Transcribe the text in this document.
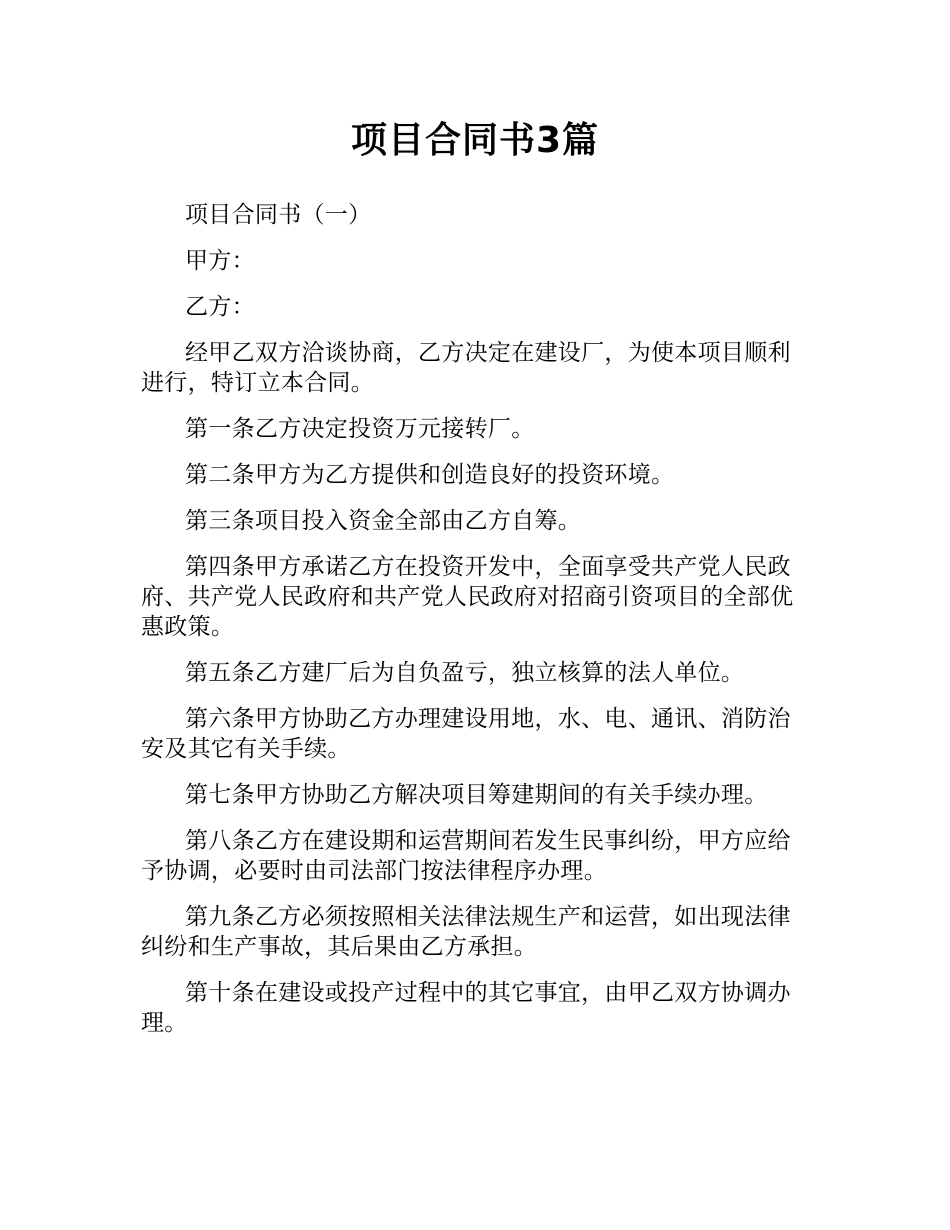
项目合同书3篇

项目合同书（一）

甲方：

乙方：

经甲乙双方洽谈协商，乙方决定在建设厂，为使本项目顺利进行，特订立本合同。

第一条乙方决定投资万元接转厂。

第二条甲方为乙方提供和创造良好的投资环境。

第三条项目投入资金全部由乙方自筹。

第四条甲方承诺乙方在投资开发中，全面享受共产党人民政府、共产党人民政府和共产党人民政府对招商引资项目的全部优惠政策。

第五条乙方建厂后为自负盈亏，独立核算的法人单位。

第六条甲方协助乙方办理建设用地，水、电、通讯、消防治安及其它有关手续。

第七条甲方协助乙方解决项目筹建期间的有关手续办理。

第八条乙方在建设期和运营期间若发生民事纠纷，甲方应给予协调，必要时由司法部门按法律程序办理。

第九条乙方必须按照相关法律法规生产和运营，如出现法律纠纷和生产事故，其后果由乙方承担。

第十条在建设或投产过程中的其它事宜，由甲乙双方协调办理。
